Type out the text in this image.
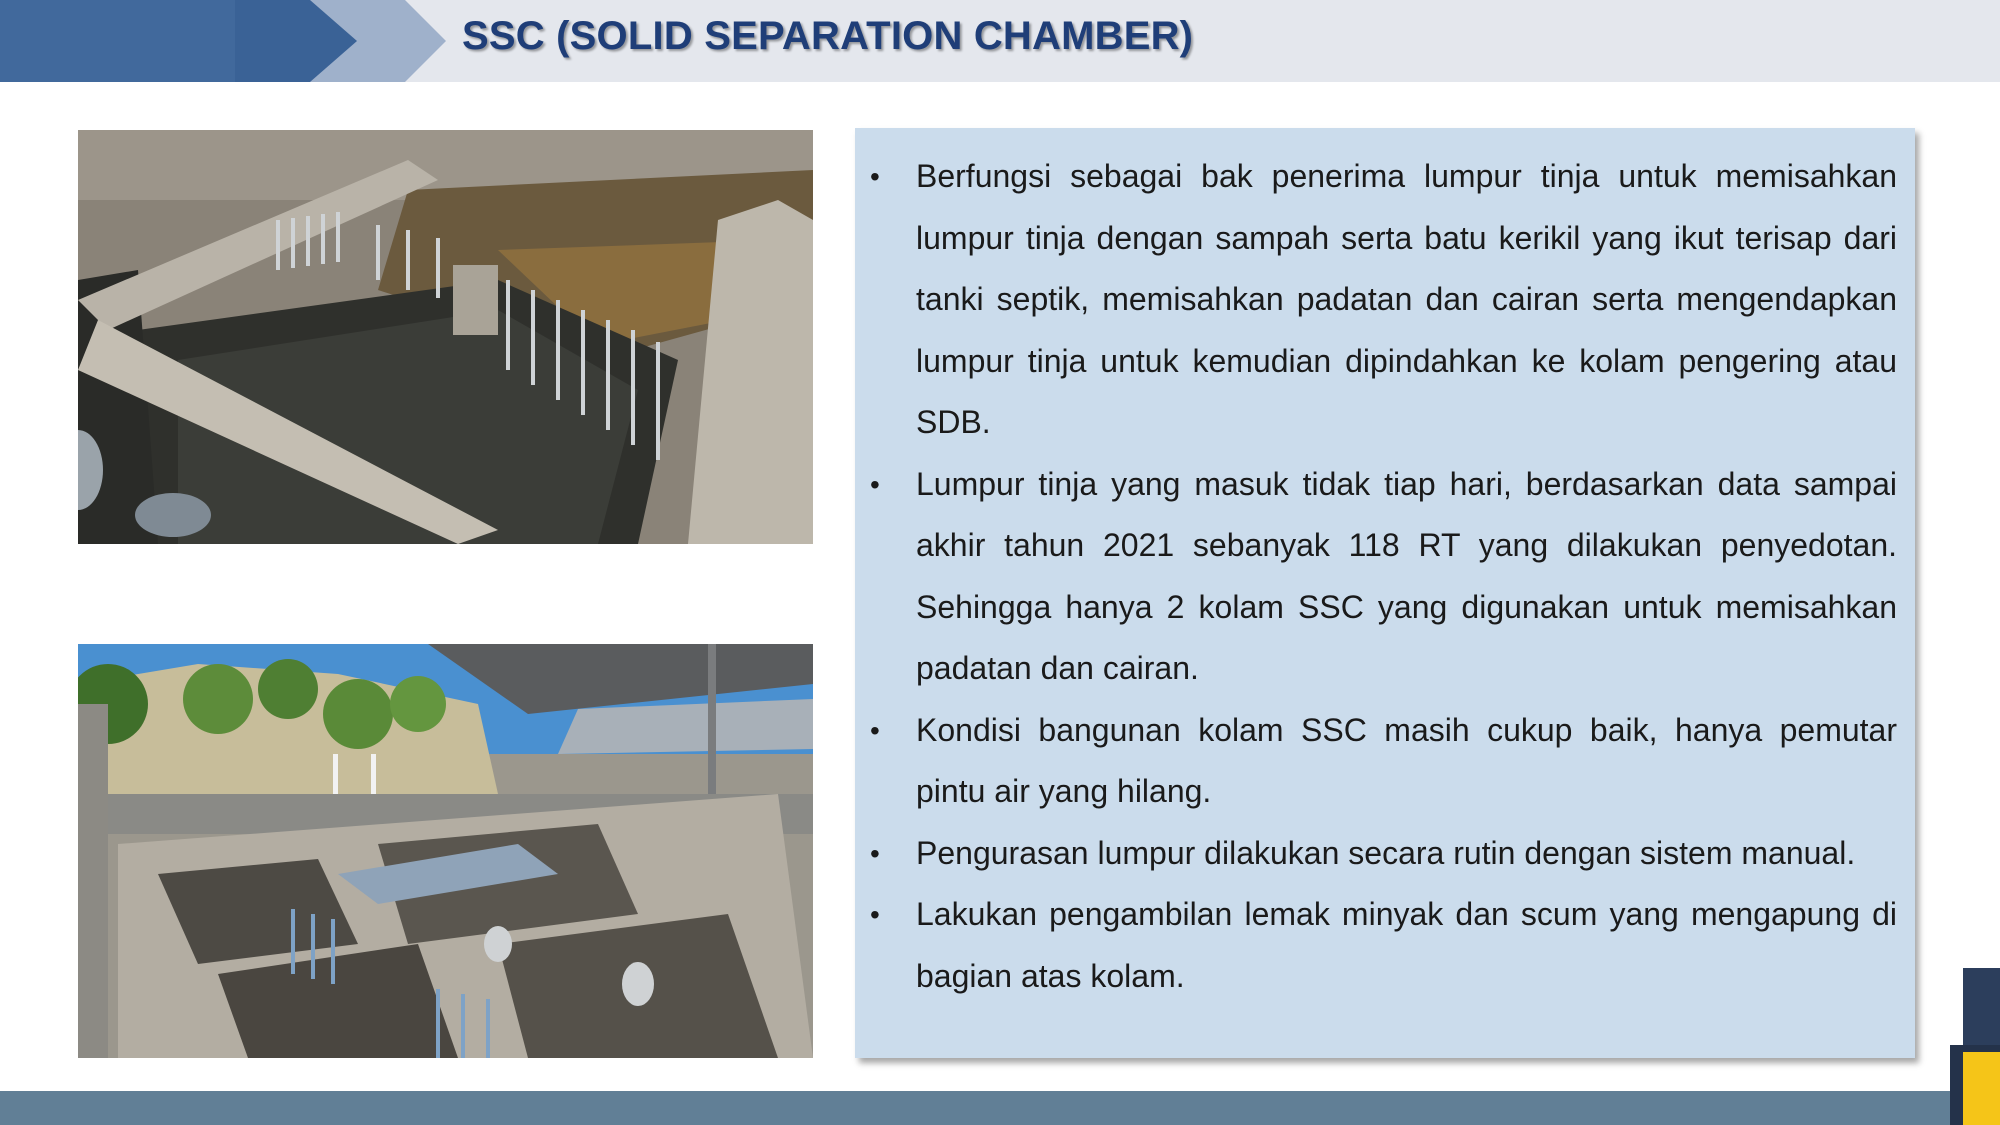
SSC (SOLID SEPARATION CHAMBER)
• Berfungsi sebagai bak penerima lumpur tinja untuk memisahkan lumpur tinja dengan sampah serta batu kerikil yang ikut terisap dari tanki septik, memisahkan padatan dan cairan serta mengendapkan lumpur tinja untuk kemudian dipindahkan ke kolam pengering atau SDB.
• Lumpur tinja yang masuk tidak tiap hari, berdasarkan data sampai akhir tahun 2021 sebanyak 118 RT yang dilakukan penyedotan. Sehingga hanya 2 kolam SSC yang digunakan untuk memisahkan padatan dan cairan.
• Kondisi bangunan kolam SSC masih cukup baik, hanya pemutar pintu air yang hilang.
• Pengurasan lumpur dilakukan secara rutin dengan sistem manual.
• Lakukan pengambilan lemak minyak dan scum yang mengapung di bagian atas kolam.
